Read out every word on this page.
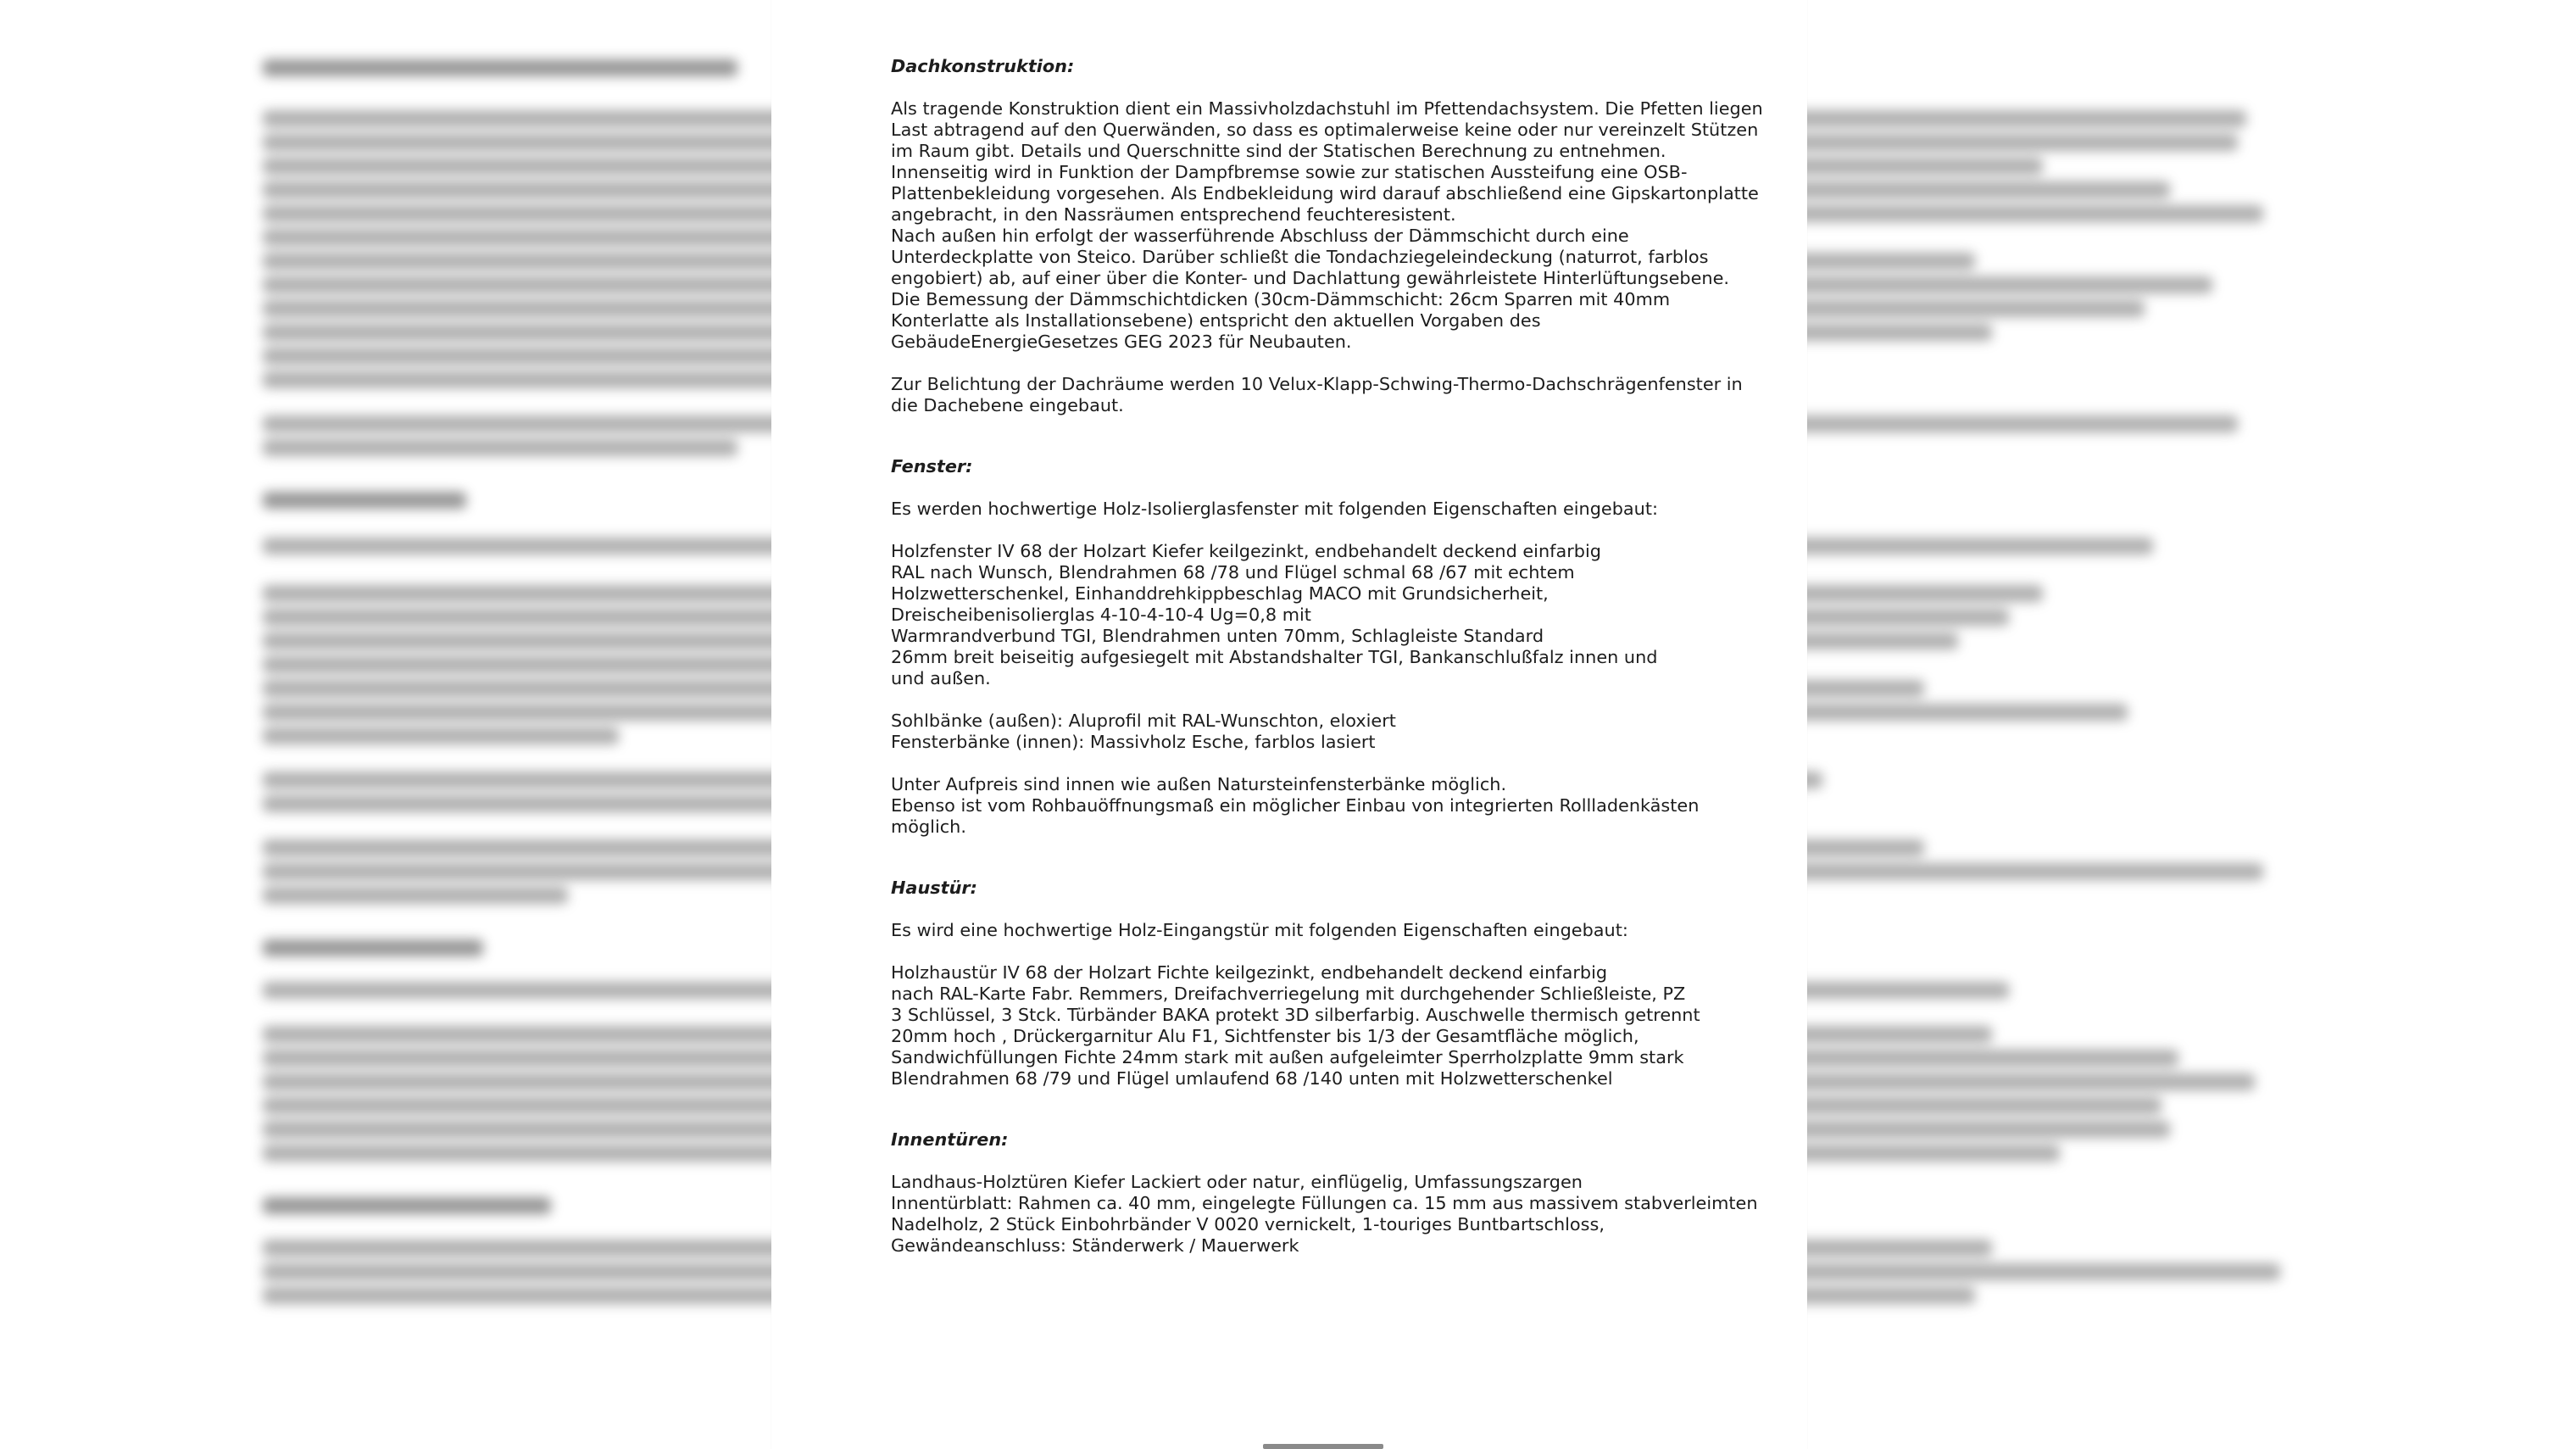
Dachkonstruktion:

Als tragende Konstruktion dient ein Massivholzdachstuhl im Pfettendachsystem. Die Pfetten liegen
Last abtragend auf den Querwänden, so dass es optimalerweise keine oder nur vereinzelt Stützen
im Raum gibt. Details und Querschnitte sind der Statischen Berechnung zu entnehmen.
Innenseitig wird in Funktion der Dampfbremse sowie zur statischen Aussteifung eine OSB-
Plattenbekleidung vorgesehen. Als Endbekleidung wird darauf abschließend eine Gipskartonplatte
angebracht, in den Nassräumen entsprechend feuchteresistent.
Nach außen hin erfolgt der wasserführende Abschluss der Dämmschicht durch eine
Unterdeckplatte von Steico. Darüber schließt die Tondachziegeleindeckung (naturrot, farblos
engobiert) ab, auf einer über die Konter- und Dachlattung gewährleistete Hinterlüftungsebene.
Die Bemessung der Dämmschichtdicken (30cm-Dämmschicht: 26cm Sparren mit 40mm
Konterlatte als Installationsebene) entspricht den aktuellen Vorgaben des
GebäudeEnergieGesetzes GEG 2023 für Neubauten.

Zur Belichtung der Dachräume werden 10 Velux-Klapp-Schwing-Thermo-Dachschrägenfenster in
die Dachebene eingebaut.

Fenster:

Es werden hochwertige Holz-Isolierglasfenster mit folgenden Eigenschaften eingebaut:

Holzfenster IV 68 der Holzart Kiefer keilgezinkt, endbehandelt deckend einfarbig
RAL nach Wunsch, Blendrahmen 68 /78 und Flügel schmal 68 /67 mit echtem
Holzwetterschenkel, Einhanddrehkippbeschlag MACO mit Grundsicherheit,
Dreischeibenisolierglas 4-10-4-10-4 Ug=0,8 mit
Warmrandverbund TGI, Blendrahmen unten 70mm, Schlagleiste Standard
26mm breit beiseitig aufgesiegelt mit Abstandshalter TGI, Bankanschlußfalz innen und
und außen.

Sohlbänke (außen): Aluprofil mit RAL-Wunschton, eloxiert
Fensterbänke (innen): Massivholz Esche, farblos lasiert

Unter Aufpreis sind innen wie außen Natursteinfensterbänke möglich.
Ebenso ist vom Rohbauöffnungsmaß ein möglicher Einbau von integrierten Rollladenkästen
möglich.

Haustür:

Es wird eine hochwertige Holz-Eingangstür mit folgenden Eigenschaften eingebaut:

Holzhaustür IV 68 der Holzart Fichte keilgezinkt, endbehandelt deckend einfarbig
nach RAL-Karte Fabr. Remmers, Dreifachverriegelung mit durchgehender Schließleiste, PZ
3 Schlüssel, 3 Stck. Türbänder BAKA protekt 3D silberfarbig. Auschwelle thermisch getrennt
20mm hoch , Drückergarnitur Alu F1, Sichtfenster bis 1/3 der Gesamtfläche möglich,
Sandwichfüllungen Fichte 24mm stark mit außen aufgeleimter Sperrholzplatte 9mm stark
Blendrahmen 68 /79 und Flügel umlaufend 68 /140 unten mit Holzwetterschenkel

Innentüren:

Landhaus-Holztüren Kiefer Lackiert oder natur, einflügelig, Umfassungszargen
Innentürblatt: Rahmen ca. 40 mm, eingelegte Füllungen ca. 15 mm aus massivem stabverleimten
Nadelholz, 2 Stück Einbohrbänder V 0020 vernickelt, 1-touriges Buntbartschloss,
Gewändeanschluss: Ständerwerk / Mauerwerk
